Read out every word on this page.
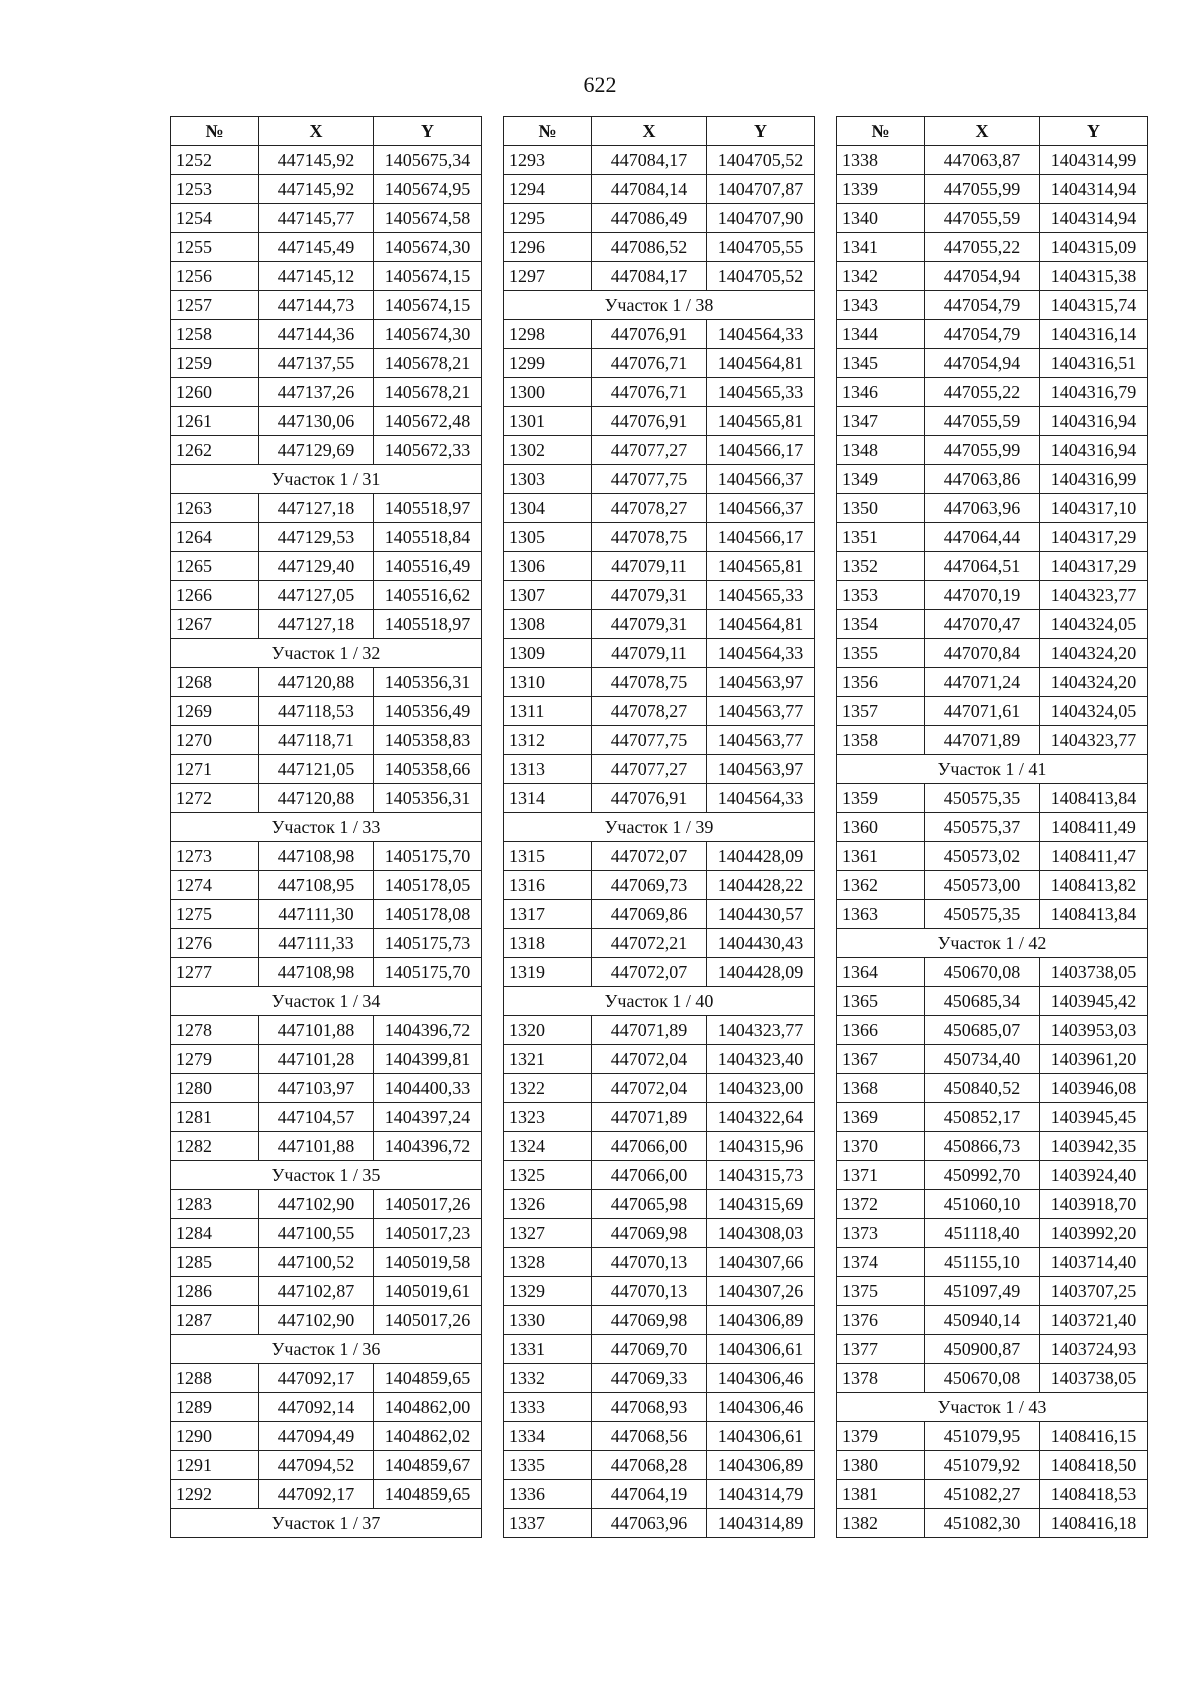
622
№	X	Y
1252	447145,92	1405675,34
1253	447145,92	1405674,95
1254	447145,77	1405674,58
1255	447145,49	1405674,30
1256	447145,12	1405674,15
1257	447144,73	1405674,15
1258	447144,36	1405674,30
1259	447137,55	1405678,21
1260	447137,26	1405678,21
1261	447130,06	1405672,48
1262	447129,69	1405672,33
Участок 1 / 31		
1263	447127,18	1405518,97
1264	447129,53	1405518,84
1265	447129,40	1405516,49
1266	447127,05	1405516,62
1267	447127,18	1405518,97
Участок 1 / 32		
1268	447120,88	1405356,31
1269	447118,53	1405356,49
1270	447118,71	1405358,83
1271	447121,05	1405358,66
1272	447120,88	1405356,31
Участок 1 / 33		
1273	447108,98	1405175,70
1274	447108,95	1405178,05
1275	447111,30	1405178,08
1276	447111,33	1405175,73
1277	447108,98	1405175,70
Участок 1 / 34		
1278	447101,88	1404396,72
1279	447101,28	1404399,81
1280	447103,97	1404400,33
1281	447104,57	1404397,24
1282	447101,88	1404396,72
Участок 1 / 35		
1283	447102,90	1405017,26
1284	447100,55	1405017,23
1285	447100,52	1405019,58
1286	447102,87	1405019,61
1287	447102,90	1405017,26
Участок 1 / 36		
1288	447092,17	1404859,65
1289	447092,14	1404862,00
1290	447094,49	1404862,02
1291	447094,52	1404859,67
1292	447092,17	1404859,65
Участок 1 / 37		
№	X	Y
1293	447084,17	1404705,52
1294	447084,14	1404707,87
1295	447086,49	1404707,90
1296	447086,52	1404705,55
1297	447084,17	1404705,52
Участок 1 / 38		
1298	447076,91	1404564,33
1299	447076,71	1404564,81
1300	447076,71	1404565,33
1301	447076,91	1404565,81
1302	447077,27	1404566,17
1303	447077,75	1404566,37
1304	447078,27	1404566,37
1305	447078,75	1404566,17
1306	447079,11	1404565,81
1307	447079,31	1404565,33
1308	447079,31	1404564,81
1309	447079,11	1404564,33
1310	447078,75	1404563,97
1311	447078,27	1404563,77
1312	447077,75	1404563,77
1313	447077,27	1404563,97
1314	447076,91	1404564,33
Участок 1 / 39		
1315	447072,07	1404428,09
1316	447069,73	1404428,22
1317	447069,86	1404430,57
1318	447072,21	1404430,43
1319	447072,07	1404428,09
Участок 1 / 40		
1320	447071,89	1404323,77
1321	447072,04	1404323,40
1322	447072,04	1404323,00
1323	447071,89	1404322,64
1324	447066,00	1404315,96
1325	447066,00	1404315,73
1326	447065,98	1404315,69
1327	447069,98	1404308,03
1328	447070,13	1404307,66
1329	447070,13	1404307,26
1330	447069,98	1404306,89
1331	447069,70	1404306,61
1332	447069,33	1404306,46
1333	447068,93	1404306,46
1334	447068,56	1404306,61
1335	447068,28	1404306,89
1336	447064,19	1404314,79
1337	447063,96	1404314,89
№	X	Y
1338	447063,87	1404314,99
1339	447055,99	1404314,94
1340	447055,59	1404314,94
1341	447055,22	1404315,09
1342	447054,94	1404315,38
1343	447054,79	1404315,74
1344	447054,79	1404316,14
1345	447054,94	1404316,51
1346	447055,22	1404316,79
1347	447055,59	1404316,94
1348	447055,99	1404316,94
1349	447063,86	1404316,99
1350	447063,96	1404317,10
1351	447064,44	1404317,29
1352	447064,51	1404317,29
1353	447070,19	1404323,77
1354	447070,47	1404324,05
1355	447070,84	1404324,20
1356	447071,24	1404324,20
1357	447071,61	1404324,05
1358	447071,89	1404323,77
Участок 1 / 41		
1359	450575,35	1408413,84
1360	450575,37	1408411,49
1361	450573,02	1408411,47
1362	450573,00	1408413,82
1363	450575,35	1408413,84
Участок 1 / 42		
1364	450670,08	1403738,05
1365	450685,34	1403945,42
1366	450685,07	1403953,03
1367	450734,40	1403961,20
1368	450840,52	1403946,08
1369	450852,17	1403945,45
1370	450866,73	1403942,35
1371	450992,70	1403924,40
1372	451060,10	1403918,70
1373	451118,40	1403992,20
1374	451155,10	1403714,40
1375	451097,49	1403707,25
1376	450940,14	1403721,40
1377	450900,87	1403724,93
1378	450670,08	1403738,05
Участок 1 / 43		
1379	451079,95	1408416,15
1380	451079,92	1408418,50
1381	451082,27	1408418,53
1382	451082,30	1408416,18
